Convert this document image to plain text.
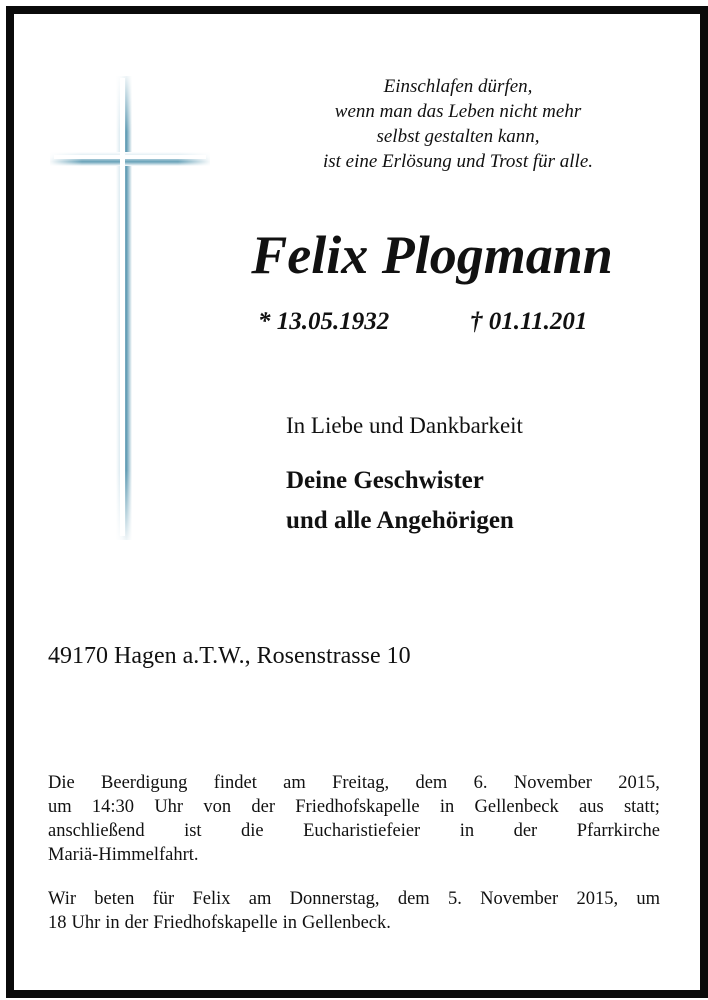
Einschlafen dürfen,
wenn man das Leben nicht mehr
selbst gestalten kann,
ist eine Erlösung und Trost für alle.
Felix Plogmann
* 13.05.1932	† 01.11.201
In Liebe und Dankbarkeit
Deine Geschwister
und alle Angehörigen
49170 Hagen a.T.W., Rosenstrasse 10
Die Beerdigung findet am Freitag, dem 6. November 2015,
um 14:30 Uhr von der Friedhofskapelle in Gellenbeck aus statt;
anschließend ist die Eucharistiefeier in der Pfarrkirche
Mariä-Himmelfahrt.
Wir beten für Felix am Donnerstag, dem 5. November 2015, um
18 Uhr in der Friedhofskapelle in Gellenbeck.
